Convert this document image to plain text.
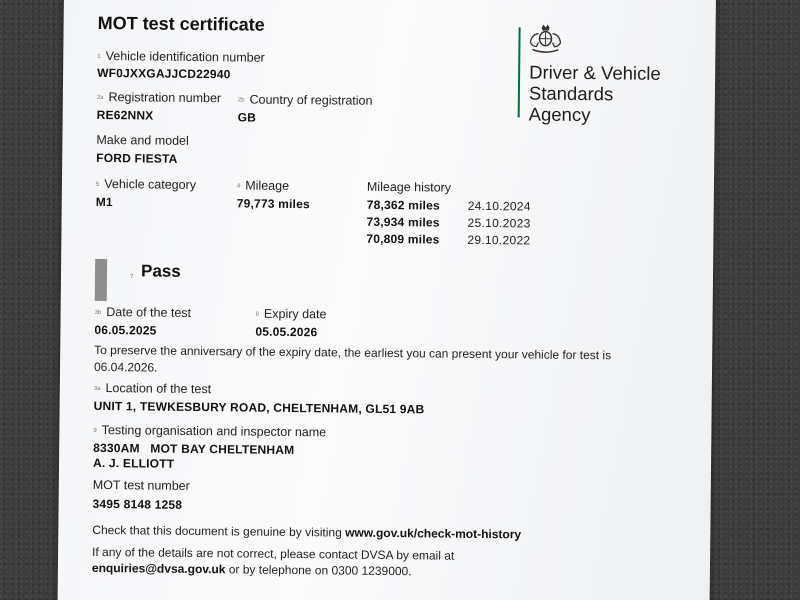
MOT test certificate
Driver & Vehicle
Standards
Agency
1 Vehicle identification number
WF0JXXGAJJCD22940
2a Registration number
RE62NNX
2b Country of registration
GB
Make and model
FORD FIESTA
5 Vehicle category
M1
4 Mileage
79,773 miles
Mileage history
78,362 miles 24.10.2024
73,934 miles 25.10.2023
70,809 miles 29.10.2022
7 Pass
3b Date of the test
06.05.2025
8 Expiry date
05.05.2026
To preserve the anniversary of the expiry date, the earliest you can present your vehicle for test is
06.04.2026.
3a Location of the test
UNIT 1, TEWKESBURY ROAD, CHELTENHAM, GL51 9AB
9 Testing organisation and inspector name
8330AM   MOT BAY CHELTENHAM
A. J. ELLIOTT
MOT test number
3495 8148 1258
Check that this document is genuine by visiting www.gov.uk/check-mot-history
If any of the details are not correct, please contact DVSA by email at
enquiries@dvsa.gov.uk or by telephone on 0300 1239000.
